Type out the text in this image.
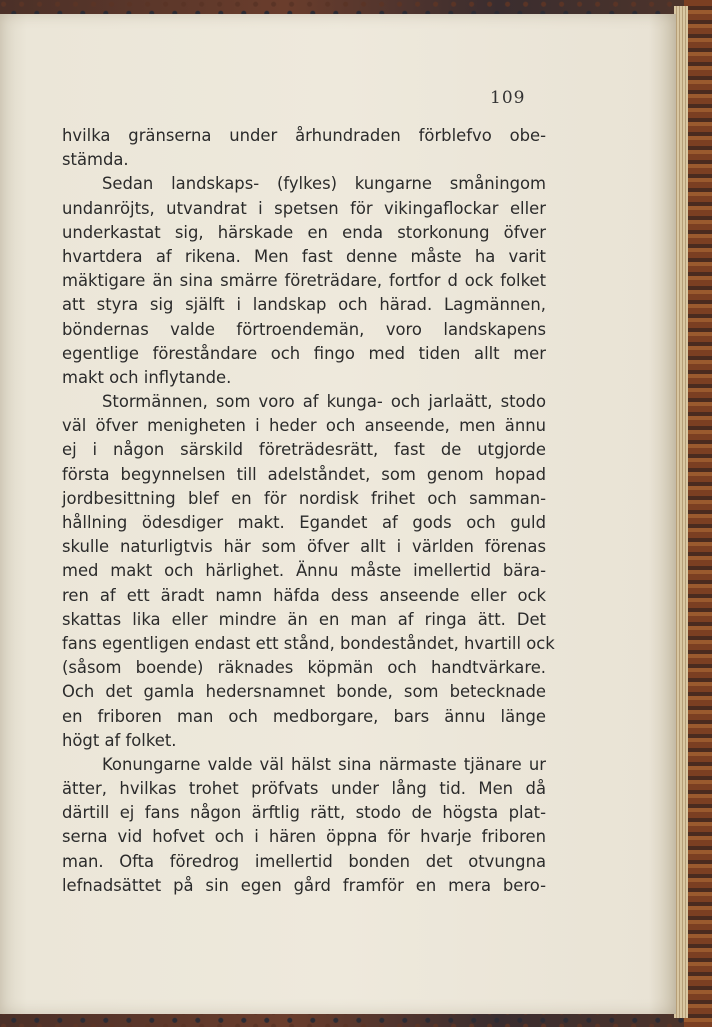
109
hvilka gränserna under århundraden förblefvo obe-
stämda.
Sedan landskaps- (fylkes) kungarne småningom
undanröjts, utvandrat i spetsen för vikingaflockar eller
underkastat sig, härskade en enda storkonung öfver
hvartdera af rikena. Men fast denne måste ha varit
mäktigare än sina smärre företrädare, fortfor d ock folket
att styra sig själft i landskap och härad. Lagmännen,
böndernas valde förtroendemän, voro landskapens
egentlige föreståndare och fingo med tiden allt mer
makt och inflytande.
Stormännen, som voro af kunga- och jarlaätt, stodo
väl öfver menigheten i heder och anseende, men ännu
ej i någon särskild företrädesrätt, fast de utgjorde
första begynnelsen till adelståndet, som genom hopad
jordbesittning blef en för nordisk frihet och samman-
hållning ödesdiger makt. Egandet af gods och guld
skulle naturligtvis här som öfver allt i världen förenas
med makt och härlighet. Ännu måste imellertid bära-
ren af ett äradt namn häfda dess anseende eller ock
skattas lika eller mindre än en man af ringa ätt. Det
fans egentligen endast ett stånd, bondeståndet, hvartill ock
(såsom boende) räknades köpmän och handtvärkare.
Och det gamla hedersnamnet bonde, som betecknade
en friboren man och medborgare, bars ännu länge
högt af folket.
Konungarne valde väl hälst sina närmaste tjänare ur
ätter, hvilkas trohet pröfvats under lång tid. Men då
därtill ej fans någon ärftlig rätt, stodo de högsta plat-
serna vid hofvet och i hären öppna för hvarje friboren
man. Ofta föredrog imellertid bonden det otvungna
lefnadsättet på sin egen gård framför en mera bero-
